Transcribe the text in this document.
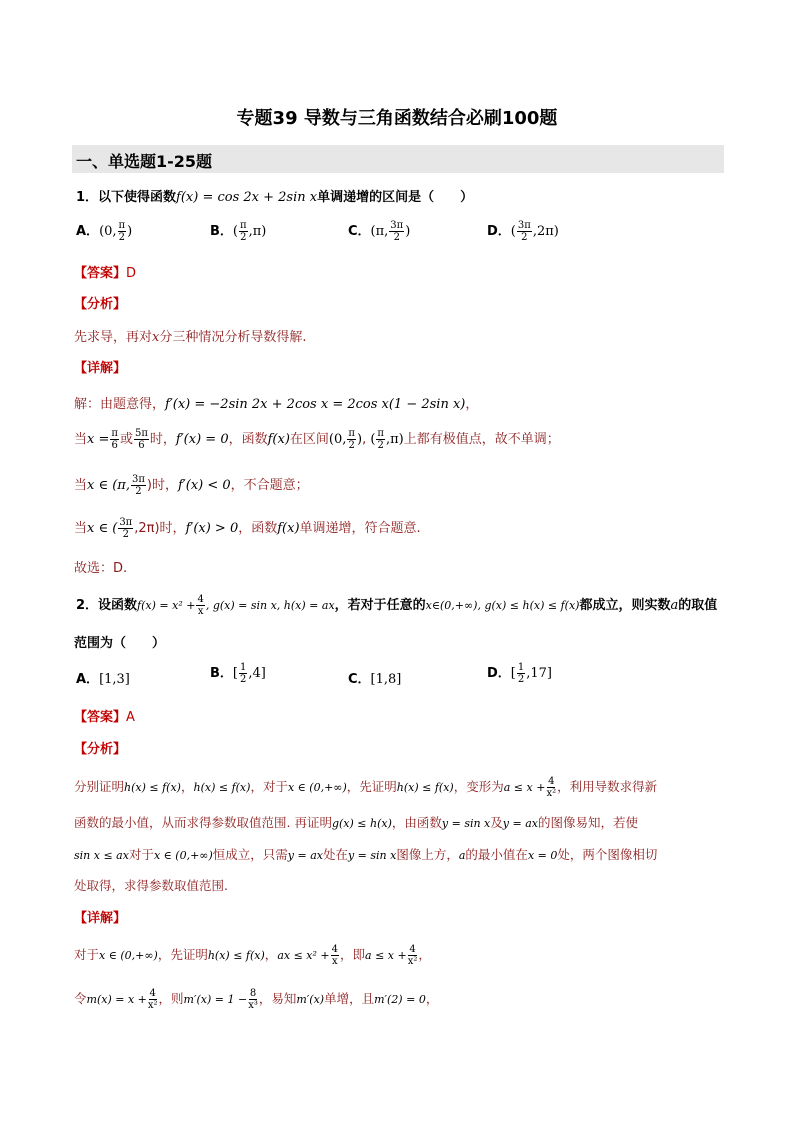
专题39 导数与三角函数结合必刷100题
一、单选题1-25题
1．以下使得函数f(x) = cos 2x + 2sin x单调递增的区间是（　　）
A．(0, $\frac{\pi}{2}$ )	B．( $\frac{\pi}{2} ,\pi$)	C．(π, $\frac{3\pi}{2}$ )	D．( $\frac{3\pi}{2} ,2\pi$)
【答案】D
【分析】
先求导，再对x分三种情况分析导数得解.
【详解】
解：由题意得，f′(x) = −2sin 2x + 2cos x = 2cos x(1 − 2sin x)，
当$x = \frac{\pi}{6}$ 或 $\frac{5\pi}{6}$ 时，f′(x) = 0，函数f(x)在区间(0, $\frac{\pi}{2}$ ), ( $\frac{\pi}{2} ,\pi$)上都有极值点，故不单调；
当x ∈ (π, $\frac{3\pi}{2}$ )时，f′(x) < 0，不合题意；
当x ∈ ( $\frac{3\pi}{2} ,2\pi$)时，f′(x) > 0，函数f(x)单调递增，符合题意.
故选：D.
2．设函数$f(x) = x^2 + \frac{4}{x}$ , g(x) = sin x, h(x) = ax，若对于任意的x∈(0,+∞), g(x) ≤ h(x) ≤ f(x)都成立，则实数a的取值
范围为（　　）
A．[1,3]	B．[ $\frac{1}{2} ,4$]	C．[1,8]	D．[ $\frac{1}{2} ,17$]
【答案】A
【分析】
分别证明h(x) ≤ f(x)，h(x) ≤ f(x)，对于x ∈ (0,+∞)，先证明h(x) ≤ f(x)，变形为$a \le x + \frac{4}{\text{x²}}$ ，利用导数求得新
函数的最小值，从而求得参数取值范围. 再证明g(x) ≤ h(x)，由函数y = sin x及y = ax的图像易知，若使
sin x ≤ ax对于x ∈ (0,+∞)恒成立，只需y = ax处在y = sin x图像上方，a的最小值在x = 0处，两个图像相切
处取得，求得参数取值范围.
【详解】
对于x ∈ (0,+∞)，先证明h(x) ≤ f(x)，ax ≤ $x^2 + \frac{4}{x}$ ，即$a \le x + \frac{4}{\text{x²}}$ ，
令$m(x) = x + \frac{4}{\text{x²}}$ ，则$m'(x) = 1 - \frac{8}{\text{x³}}$ ，易知m′(x)单增，且m′(2) = 0，
